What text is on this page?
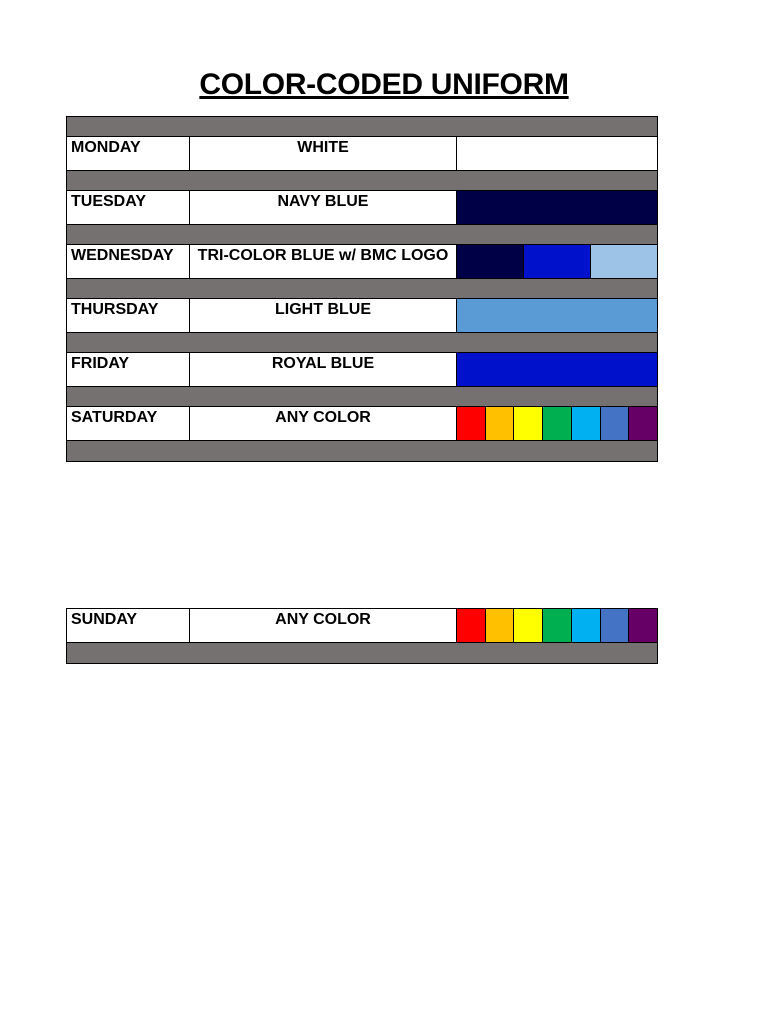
COLOR-CODED UNIFORM
MONDAY	WHITE
TUESDAY	NAVY BLUE
WEDNESDAY	TRI-COLOR BLUE w/ BMC LOGO
THURSDAY	LIGHT BLUE
FRIDAY	ROYAL BLUE
SATURDAY	ANY COLOR
SUNDAY	ANY COLOR
